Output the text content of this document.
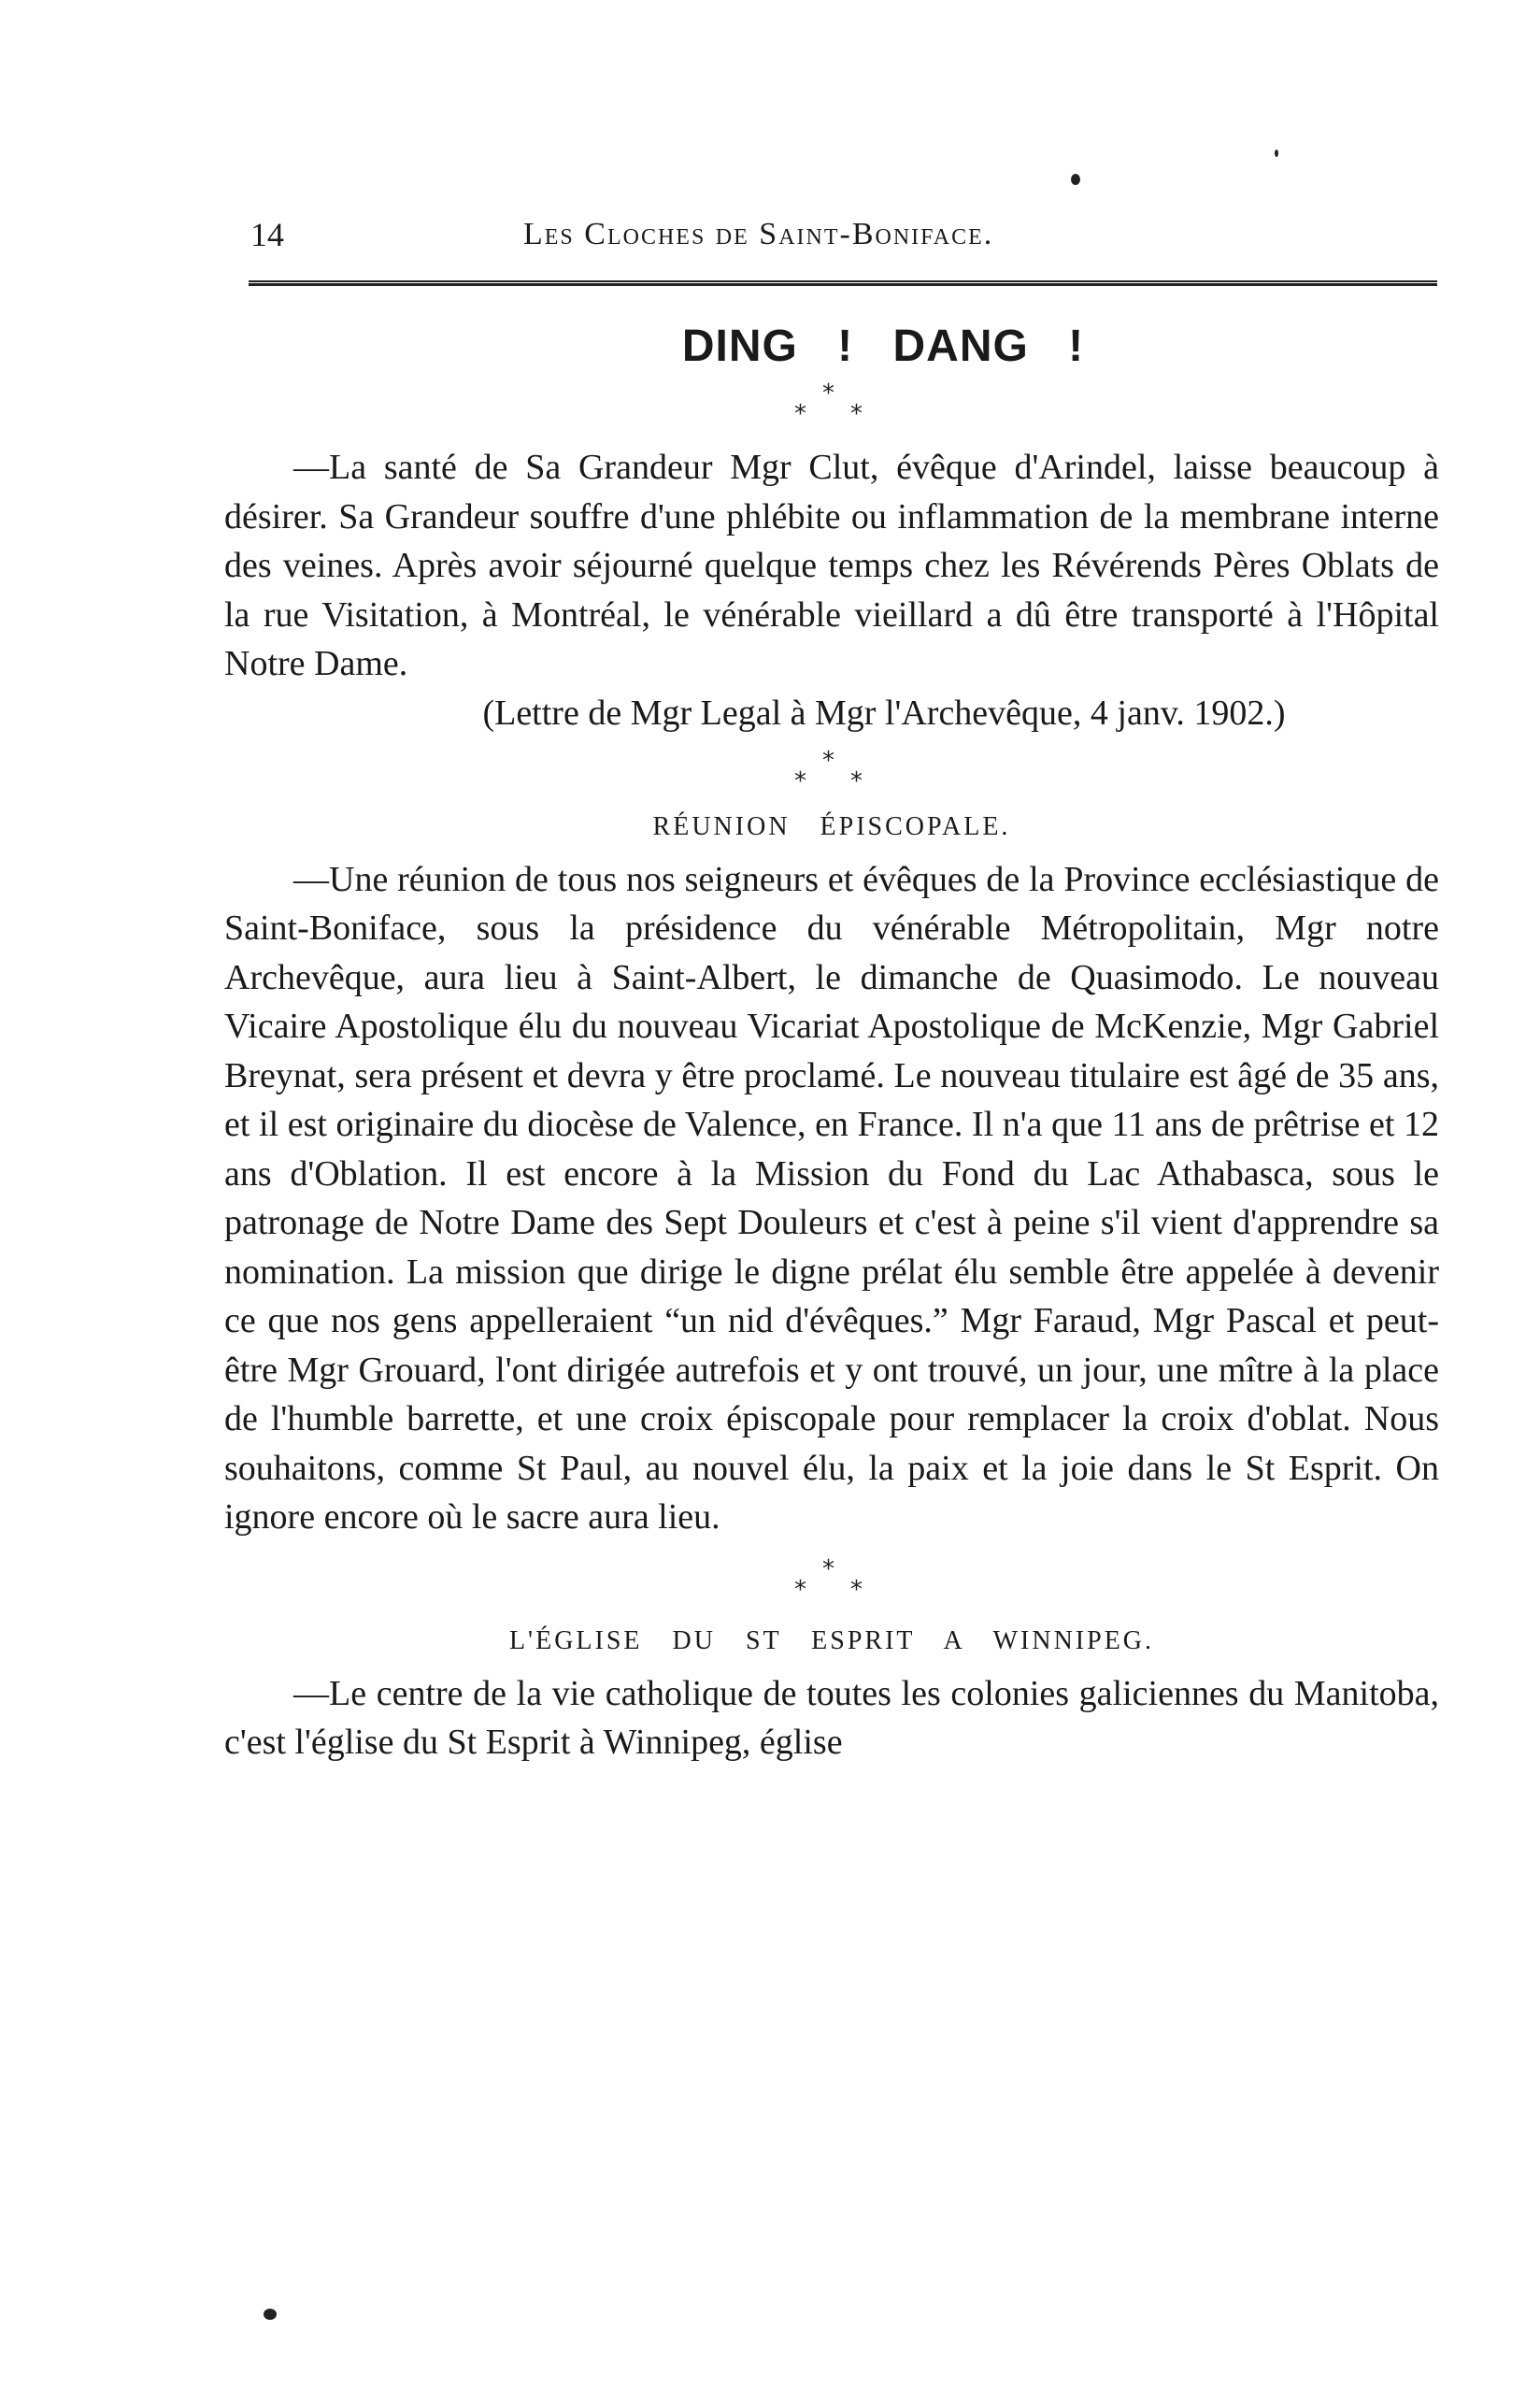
14	Les Cloches de Saint-Boniface.
DING ! DANG !
*
* *

—La santé de Sa Grandeur Mgr Clut, évêque d'Arindel, laisse beaucoup à désirer. Sa Grandeur souffre d'une phlébite ou inflammation de la membrane interne des veines. Après avoir séjourné quelque temps chez les Révérends Pères Oblats de la rue Visitation, à Montréal, le vénérable vieillard a dû être transporté à l'Hôpital Notre Dame.

(Lettre de Mgr Legal à Mgr l'Archevêque, 4 janv. 1902.)

*
* *
RÉUNION ÉPISCOPALE.

—Une réunion de tous nos seigneurs et évêques de la Province ecclésiastique de Saint-Boniface, sous la présidence du vénérable Métropolitain, Mgr notre Archevêque, aura lieu à Saint-Albert, le dimanche de Quasimodo. Le nouveau Vicaire Apostolique élu du nouveau Vicariat Apostolique de McKenzie, Mgr Gabriel Breynat, sera présent et devra y être proclamé. Le nouveau titulaire est âgé de 35 ans, et il est originaire du diocèse de Valence, en France. Il n'a que 11 ans de prêtrise et 12 ans d'Oblation. Il est encore à la Mission du Fond du Lac Athabasca, sous le patronage de Notre Dame des Sept Douleurs et c'est à peine s'il vient d'apprendre sa nomination. La mission que dirige le digne prélat élu semble être appelée à devenir ce que nos gens appelleraient “un nid d'évêques.” Mgr Faraud, Mgr Pascal et peut-être Mgr Grouard, l'ont dirigée autrefois et y ont trouvé, un jour, une mître à la place de l'humble barrette, et une croix épiscopale pour remplacer la croix d'oblat. Nous souhaitons, comme St Paul, au nouvel élu, la paix et la joie dans le St Esprit. On ignore encore où le sacre aura lieu.

*
* *
L'ÉGLISE DU ST ESPRIT A WINNIPEG.

—Le centre de la vie catholique de toutes les colonies galiciennes du Manitoba, c'est l'église du St Esprit à Winnipeg, église
